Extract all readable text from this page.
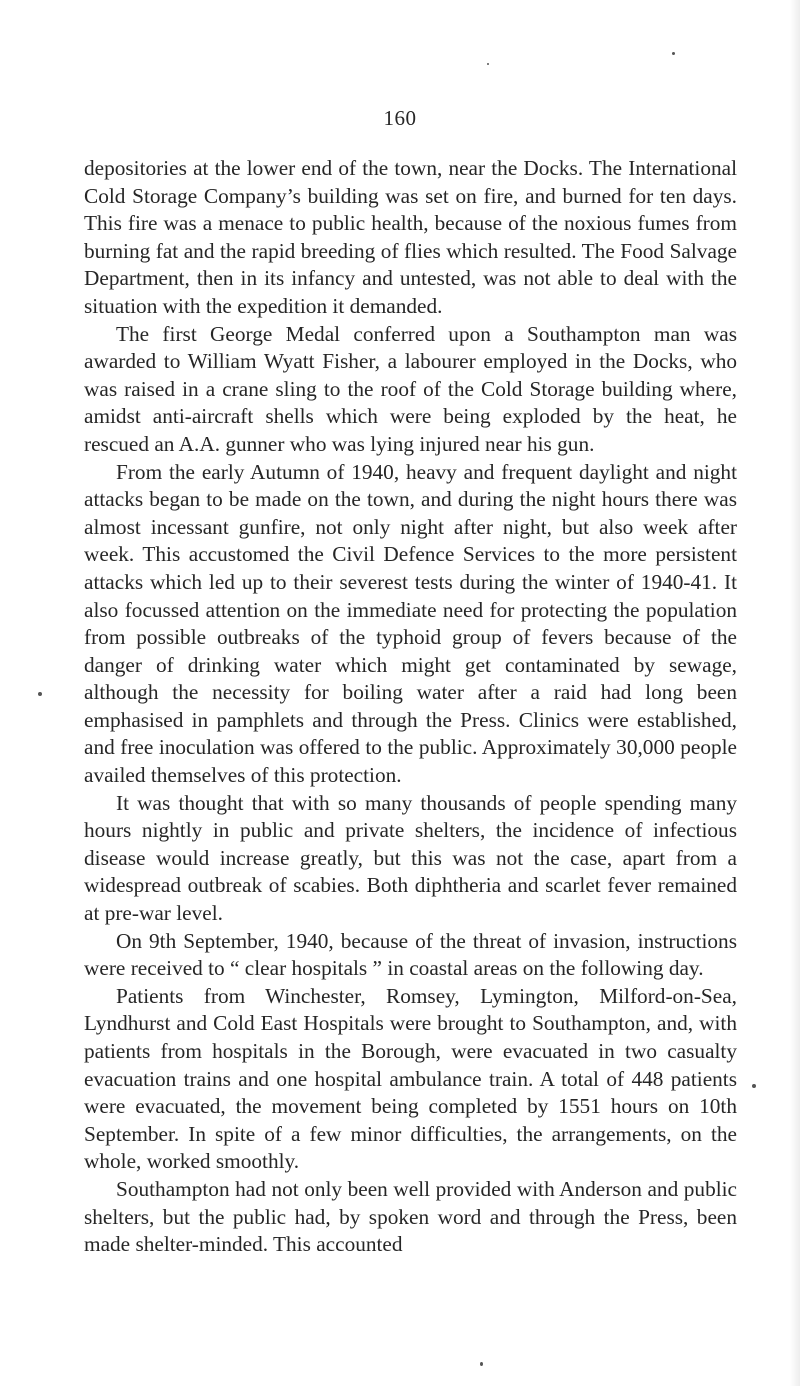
160

depositories at the lower end of the town, near the Docks. The International Cold Storage Company’s building was set on fire, and burned for ten days. This fire was a menace to public health, because of the noxious fumes from burning fat and the rapid breeding of flies which resulted. The Food Salvage Department, then in its infancy and untested, was not able to deal with the situation with the expedition it demanded.

The first George Medal conferred upon a Southampton man was awarded to William Wyatt Fisher, a labourer employed in the Docks, who was raised in a crane sling to the roof of the Cold Storage building where, amidst anti-aircraft shells which were being exploded by the heat, he rescued an A.A. gunner who was lying injured near his gun.

From the early Autumn of 1940, heavy and frequent daylight and night attacks began to be made on the town, and during the night hours there was almost incessant gunfire, not only night after night, but also week after week. This accustomed the Civil Defence Services to the more persistent attacks which led up to their severest tests during the winter of 1940-41. It also focussed attention on the immediate need for protecting the population from possible outbreaks of the typhoid group of fevers because of the danger of drinking water which might get contaminated by sewage, although the necessity for boiling water after a raid had long been emphasised in pamphlets and through the Press. Clinics were established, and free inoculation was offered to the public. Approximately 30,000 people availed themselves of this protection.

It was thought that with so many thousands of people spending many hours nightly in public and private shelters, the incidence of infectious disease would increase greatly, but this was not the case, apart from a widespread outbreak of scabies. Both diphtheria and scarlet fever remained at pre-war level.

On 9th September, 1940, because of the threat of invasion, instructions were received to “ clear hospitals ” in coastal areas on the following day.

Patients from Winchester, Romsey, Lymington, Milford-on-Sea, Lyndhurst and Cold East Hospitals were brought to Southampton, and, with patients from hospitals in the Borough, were evacuated in two casualty evacuation trains and one hospital ambulance train. A total of 448 patients were evacuated, the movement being completed by 1551 hours on 10th September. In spite of a few minor difficulties, the arrangements, on the whole, worked smoothly.

Southampton had not only been well provided with Anderson and public shelters, but the public had, by spoken word and through the Press, been made shelter-minded. This accounted
